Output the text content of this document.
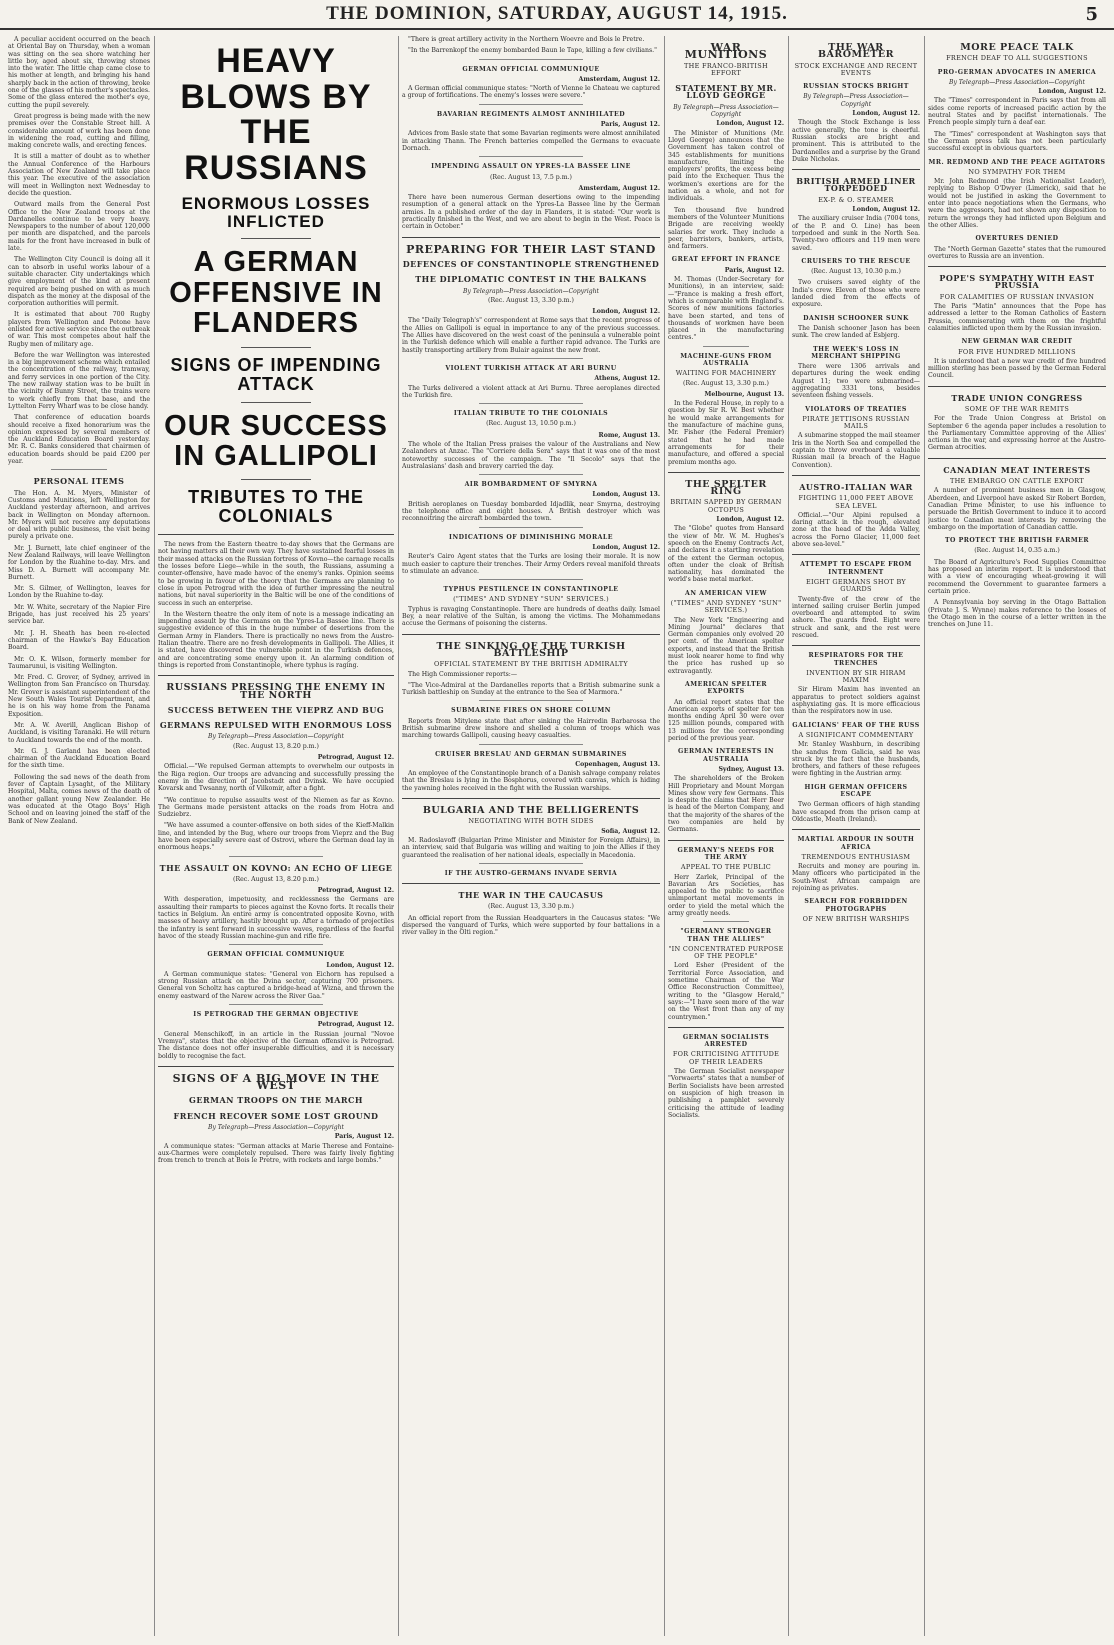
THE DOMINION, SATURDAY, AUGUST 14, 1915.	5

A peculiar accident occurred on the beach at Oriental Bay on Thursday, when a woman was sitting on the sea shore watching her little boy, aged about six, throwing stones into the water. The little chap came close to his mother at length, and bringing his hand sharply back in the action of throwing, broke one of the glasses of his mother's spectacles. Some of the glass entered the mother's eye, cutting the pupil severely.

Great progress is being made with the new premises over the Constable Street hill. A considerable amount of work has been done in widening the road, cutting and filling, making concrete walls, and erecting fences.

It is still a matter of doubt as to whether the Annual Conference of the Harbours Association of New Zealand will take place this year. The executive of the association will meet in Wellington next Wednesday to decide the question.

Outward mails from the General Post Office to the New Zealand troops at the Dardanelles continue to be very heavy. Newspapers to the number of about 120,000 per month are dispatched, and the parcels mails for the front have increased in bulk of late.

The Wellington City Council is doing all it can to absorb in useful works labour of a suitable character. City undertakings which give employment of the kind at present required are being pushed on with as much dispatch as the money at the disposal of the corporation authorities will permit.

It is estimated that about 700 Rugby players from Wellington and Petone have enlisted for active service since the outbreak of war. This most competes about half the Rugby men of military age.

Before the war Wellington was interested in a big improvement scheme which entailed the concentration of the railway, tramway, and ferry services in one portion of the City. The new railway station was to be built in the vicinity of Bunny Street, the trains were to work chiefly from that base, and the Lyttelton Ferry Wharf was to be close handy.

That conference of education boards should receive a fixed honorarium was the opinion expressed by several members of the Auckland Education Board yesterday. Mr. R. C. Banks considered that chairmen of education boards should be paid £200 per year.

PERSONAL ITEMS

The Hon. A. M. Myers, Minister of Customs and Munitions, left Wellington for Auckland yesterday afternoon, and arrives back in Wellington on Monday afternoon. Mr. Myers will not receive any deputations or deal with public business, the visit being purely a private one.

Mr. J. Burnett, late chief engineer of the New Zealand Railways, will leave Wellington for London by the Ruahine to-day. Mrs. and Miss D. A. Burnett will accompany Mr. Burnett.

Mr. S. Gilmer, of Wellington, leaves for London by the Ruahine to-day.

Mr. W. White, secretary of the Napier Fire Brigade, has just received his 25 years' service bar.

Mr. J. H. Sheath has been re-elected chairman of the Hawke's Bay Education Board.

Mr. O. K. Wilson, formerly member for Taumarunui, is visiting Wellington.

Mr. Fred. C. Grover, of Sydney, arrived in Wellington from San Francisco on Thursday. Mr. Grover is assistant superintendent of the New South Wales Tourist Department, and he is on his way home from the Panama Exposition.

Mr. A. W. Averill, Anglican Bishop of Auckland, is visiting Taranaki. He will return to Auckland towards the end of the month.

Mr. G. J. Garland has been elected chairman of the Auckland Education Board for the sixth time.

Following the sad news of the death from fever of Captain Lysaght, of the Military Hospital, Malta, comes news of the death of another gallant young New Zealander. He was educated at the Otago Boys' High School and on leaving joined the staff of the Bank of New Zealand.

HEAVY BLOWS BY THE RUSSIANS
ENORMOUS LOSSES INFLICTED
A GERMAN OFFENSIVE IN FLANDERS
SIGNS OF IMPENDING ATTACK
OUR SUCCESS IN GALLIPOLI
TRIBUTES TO THE COLONIALS

The news from the Eastern theatre to-day shows that the Germans are not having matters all their own way. They have sustained fearful losses in their massed attacks on the Russian fortress of Kovno—the carnage recalls the losses before Liege—while in the south, the Russians, assuming a counter-offensive, have made havoc of the enemy's ranks. Opinion seems to be growing in favour of the theory that the Germans are planning to close in upon Petrograd with the idea of further impressing the neutral nations, but naval superiority in the Baltic will be one of the conditions of success in such an enterprise.

In the Western theatre the only item of note is a message indicating an impending assault by the Germans on the Ypres-La Bassee line. There is suggestive evidence of this in the huge number of desertions from the German Army in Flanders. There is practically no news from the Austro-Italian theatre. There are no fresh developments in Gallipoli. The Allies, it is stated, have discovered the vulnerable point in the Turkish defences, and are concentrating some energy upon it. An alarming condition of things is reported from Constantinople, where typhus is raging.

RUSSIANS PRESSING THE ENEMY IN THE NORTH
SUCCESS BETWEEN THE VIEPRZ AND BUG
GERMANS REPULSED WITH ENORMOUS LOSS
By Telegraph—Press Association—Copyright
(Rec. August 13, 8.20 p.m.)
Petrograd, August 12.

Official.—"We repulsed German attempts to overwhelm our outposts in the Riga region. Our troops are advancing and successfully pressing the enemy in the direction of Jacobstadt and Dvinsk. We have occupied Kovarsk and Twsanny, north of Vilkomir, after a fight.

"We continue to repulse assaults west of the Niemen as far as Kovno. The Germans made persistent attacks on the roads from Hotra and Sudziebrz.

"We have assumed a counter-offensive on both sides of the Kieff-Malkin line, and intended by the Bug, where our troops from Vieprz and the Bug have been especially severe east of Ostrovi, where the German dead lay in enormous heaps."

THE ASSAULT ON KOVNO: AN ECHO OF LIEGE
(Rec. August 13, 8.20 p.m.)
Petrograd, August 12.

With desperation, impetuosity, and recklessness the Germans are assaulting their ramparts to pieces against the Kovno forts. It recalls their tactics in Belgium. An entire army is concentrated opposite Kovno, with masses of heavy artillery, hastily brought up. After a tornado of projectiles the infantry is sent forward in successive waves, regardless of the fearful havoc of the steady Russian machine-gun and rifle fire.

GERMAN OFFICIAL COMMUNIQUE
London, August 12.

A German communique states: "General von Eichorn has repulsed a strong Russian attack on the Dvina sector, capturing 700 prisoners. General von Scholtz has captured a bridge-head at Wizna, and thrown the enemy eastward of the Narew across the River Gaa."

IS PETROGRAD THE GERMAN OBJECTIVE
Petrograd, August 12.

General Menschikoff, in an article in the Russian journal "Novoe Vremya", states that the objective of the German offensive is Petrograd. The distance does not offer insuperable difficulties, and it is necessary boldly to recognise the fact.

SIGNS OF A BIG MOVE IN THE WEST
GERMAN TROOPS ON THE MARCH
FRENCH RECOVER SOME LOST GROUND
By Telegraph—Press Association—Copyright
Paris, August 12.

A communique states: "German attacks at Marie Therese and Fontaine-aux-Charmes were completely repulsed. There was fairly lively fighting from trench to trench at Bois le Pretre, with rockets and large bombs."

"There is great artillery activity in the Northern Woevre and Bois le Pretre.

"In the Barrenkopf the enemy bombarded Baun le Tape, killing a few civilians."

GERMAN OFFICIAL COMMUNIQUE
Amsterdam, August 12.

A German official communique states: "North of Vienne le Chateau we captured a group of fortifications. The enemy's losses were severe."

BAVARIAN REGIMENTS ALMOST ANNIHILATED
Paris, August 12.

Advices from Basle state that some Bavarian regiments were almost annihilated in attacking Thann. The French batteries compelled the Germans to evacuate Dornach.

IMPENDING ASSAULT ON YPRES-LA BASSEE LINE
(Rec. August 13, 7.5 p.m.)
Amsterdam, August 12.

There have been numerous German desertions owing to the impending resumption of a general attack on the Ypres-La Bassee line by the German armies. In a published order of the day in Flanders, it is stated: "Our work is practically finished in the West, and we are about to begin in the West. Peace is certain in October."

PREPARING FOR THEIR LAST STAND
DEFENCES OF CONSTANTINOPLE STRENGTHENED
THE DIPLOMATIC CONTEST IN THE BALKANS
By Telegraph—Press Association—Copyright
(Rec. August 13, 3.30 p.m.)
London, August 12.

The "Daily Telegraph's" correspondent at Rome says that the recent progress of the Allies on Gallipoli is equal in importance to any of the previous successes. The Allies have discovered on the west coast of the peninsula a vulnerable point in the Turkish defence which will enable a further rapid advance. The Turks are hastily transporting artillery from Bulair against the new front.

VIOLENT TURKISH ATTACK AT ARI BURNU
Athens, August 12.

The Turks delivered a violent attack at Ari Burnu. Three aeroplanes directed the Turkish fire.

ITALIAN TRIBUTE TO THE COLONIALS
(Rec. August 13, 10.50 p.m.)
Rome, August 13.

The whole of the Italian Press praises the valour of the Australians and New Zealanders at Anzac. The "Corriere della Sera" says that it was one of the most noteworthy successes of the campaign. The "Il Secolo" says that the Australasians' dash and bravery carried the day.

AIR BOMBARDMENT OF SMYRNA
London, August 13.

British aeroplanes on Tuesday bombarded Idjadlik, near Smyrna, destroying the telephone office and eight houses. A British destroyer which was reconnoitring the aircraft bombarded the town.

INDICATIONS OF DIMINISHING MORALE
London, August 12.

Reuter's Cairo Agent states that the Turks are losing their morale. It is now much easier to capture their trenches. Their Army Orders reveal manifold threats to stimulate an advance.

TYPHUS PESTILENCE IN CONSTANTINOPLE
("TIMES" AND SYDNEY "SUN" SERVICES.)

Typhus is ravaging Constantinople. There are hundreds of deaths daily. Ismael Bey, a near relative of the Sultan, is among the victims. The Mohammedans accuse the Germans of poisoning the cisterns.

THE SINKING OF THE TURKISH BATTLESHIP
OFFICIAL STATEMENT BY THE BRITISH ADMIRALTY

The High Commissioner reports:—

"The Vice-Admiral at the Dardanelles reports that a British submarine sunk a Turkish battleship on Sunday at the entrance to the Sea of Marmora."

SUBMARINE FIRES ON SHORE COLUMN

Reports from Mitylene state that after sinking the Hairredin Barbarossa the British submarine drew inshore and shelled a column of troops which was marching towards Gallipoli, causing heavy casualties.

CRUISER BRESLAU AND GERMAN SUBMARINES
Copenhagen, August 13.

An employee of the Constantinople branch of a Danish salvage company relates that the Breslau is lying in the Bosphorus, covered with canvas, which is hiding the yawning holes received in the fight with the Russian warships.

BULGARIA AND THE BELLIGERENTS
NEGOTIATING WITH BOTH SIDES
Sofia, August 12.

M. Radoslavoff (Bulgarian Prime Minister and Minister for Foreign Affairs), in an interview, said that Bulgaria was willing and waiting to join the Allies if they guaranteed the realisation of her national ideals, especially in Macedonia.

IF THE AUSTRO-GERMANS INVADE SERVIA
THE WAR IN THE CAUCASUS
(Rec. August 13, 3.30 p.m.)

An official report from the Russian Headquarters in the Caucasus states: "We dispersed the vanguard of Turks, which were supported by four battalions in a river valley in the Olti region."

WAR MUNITIONS
THE FRANCO-BRITISH EFFORT
STATEMENT BY MR. LLOYD GEORGE
By Telegraph—Press Association—Copyright
London, August 12.

The Minister of Munitions (Mr. Lloyd George) announces that the Government has taken control of 345 establishments for munitions manufacture, limiting the employers' profits, the excess being paid into the Exchequer. Thus the workmen's exertions are for the nation as a whole, and not for individuals.

Ten thousand five hundred members of the Volunteer Munitions Brigade are receiving weekly salaries for work. They include a peer, barristers, bankers, artists, and farmers.

GREAT EFFORT IN FRANCE
Paris, August 12.

M. Thomas (Under-Secretary for Munitions), in an interview, said:—"France is making a fresh effort, which is comparable with England's. Scores of new munitions factories have been started, and tens of thousands of workmen have been placed in the manufacturing centres."

MACHINE-GUNS FROM AUSTRALIA
WAITING FOR MACHINERY
(Rec. August 13, 3.30 p.m.)
Melbourne, August 13.

In the Federal House, in reply to a question by Sir R. W. Best whether he would make arrangements for the manufacture of machine guns, Mr. Fisher (the Federal Premier) stated that he had made arrangements for their manufacture, and offered a special premium months ago.

THE SPELTER RING
BRITAIN SAPPED BY GERMAN OCTOPUS
London, August 12.

The "Globe" quotes from Hansard the view of Mr. W. M. Hughes's speech on the Enemy Contracts Act, and declares it a startling revelation of the extent the German octopus, often under the cloak of British nationality, has dominated the world's base metal market.

AN AMERICAN VIEW
("TIMES" AND SYDNEY "SUN" SERVICES.)

The New York "Engineering and Mining Journal" declares that German companies only evolved 20 per cent. of the American spelter exports, and instead that the British must look nearer home to find why the price has rushed up so extravagantly.

AMERICAN SPELTER EXPORTS

An official report states that the American exports of spelter for ten months ending April 30 were over 125 million pounds, compared with 13 millions for the corresponding period of the previous year.

GERMAN INTERESTS IN AUSTRALIA
Sydney, August 13.

The shareholders of the Broken Hill Proprietary and Mount Morgan Mines show very few Germans. This is despite the claims that Herr Beer is head of the Merton Company, and that the majority of the shares of the two companies are held by Germans.

GERMANY'S NEEDS FOR THE ARMY
APPEAL TO THE PUBLIC

Herr Zarlek, Principal of the Bavarian Ars Societies, has appealed to the public to sacrifice unimportant metal movements in order to yield the metal which the army greatly needs.

"GERMANY STRONGER THAN THE ALLIES"
"IN CONCENTRATED PURPOSE OF THE PEOPLE"

Lord Esher (President of the Territorial Force Association, and sometime Chairman of the War Office Reconstruction Committee), writing to the "Glasgow Herald," says:—"I have seen more of the war on the West front than any of my countrymen."

GERMAN SOCIALISTS ARRESTED
FOR CRITICISING ATTITUDE OF THEIR LEADERS

The German Socialist newspaper "Vorwaerts" states that a number of Berlin Socialists have been arrested on suspicion of high treason in publishing a pamphlet severely criticising the attitude of leading Socialists.

THE WAR BAROMETER
STOCK EXCHANGE AND RECENT EVENTS
RUSSIAN STOCKS BRIGHT
By Telegraph—Press Association—Copyright
London, August 12.

Though the Stock Exchange is less active generally, the tone is cheerful. Russian stocks are bright and prominent. This is attributed to the Dardanelles and a surprise by the Grand Duke Nicholas.

BRITISH ARMED LINER TORPEDOED
EX-P. & O. STEAMER
London, August 12.

The auxiliary cruiser India (7004 tons, of the P. and O. Line) has been torpedoed and sunk in the North Sea. Twenty-two officers and 119 men were saved.

CRUISERS TO THE RESCUE
(Rec. August 13, 10.30 p.m.)

Two cruisers saved eighty of the India's crew. Eleven of those who were landed died from the effects of exposure.

DANISH SCHOONER SUNK

The Danish schooner Jason has been sunk. The crew landed at Esbjerg.

THE WEEK'S LOSS IN MERCHANT SHIPPING

There were 1306 arrivals and departures during the week ending August 11; two were submarined—aggregating 3331 tons, besides seventeen fishing vessels.

VIOLATORS OF TREATIES
PIRATE JETTISONS RUSSIAN MAILS

A submarine stopped the mail steamer Iris in the North Sea and compelled the captain to throw overboard a valuable Russian mail (a breach of the Hague Convention).

AUSTRO-ITALIAN WAR
FIGHTING 11,000 FEET ABOVE SEA LEVEL

Official.—"Our Alpini repulsed a daring attack in the rough, elevated zone at the head of the Adda Valley, across the Forno Glacier, 11,000 feet above sea-level."

ATTEMPT TO ESCAPE FROM INTERNMENT
EIGHT GERMANS SHOT BY GUARDS

Twenty-five of the crew of the interned sailing cruiser Berlin jumped overboard and attempted to swim ashore. The guards fired. Eight were struck and sank, and the rest were rescued.

RESPIRATORS FOR THE TRENCHES
INVENTION BY SIR HIRAM MAXIM

Sir Hiram Maxim has invented an apparatus to protect soldiers against asphyxiating gas. It is more efficacious than the respirators now in use.

GALICIANS' FEAR OF THE RUSS
A SIGNIFICANT COMMENTARY

Mr. Stanley Washburn, in describing the sandus from Galicia, said he was struck by the fact that the husbands, brothers, and fathers of these refugees were fighting in the Austrian army.

HIGH GERMAN OFFICERS ESCAPE

Two German officers of high standing have escaped from the prison camp at Oldcastle, Meath (Ireland).

MARTIAL ARDOUR IN SOUTH AFRICA
TREMENDOUS ENTHUSIASM

Recruits and money are pouring in. Many officers who participated in the South-West African campaign are rejoining as privates.

SEARCH FOR FORBIDDEN PHOTOGRAPHS
OF NEW BRITISH WARSHIPS
MORE PEACE TALK
FRENCH DEAF TO ALL SUGGESTIONS
PRO-GERMAN ADVOCATES IN AMERICA
By Telegraph—Press Association—Copyright
London, August 12.

The "Times" correspondent in Paris says that from all sides come reports of increased pacific action by the neutral States and by pacifist internationals. The French people simply turn a deaf ear.

The "Times" correspondent at Washington says that the German press talk has not been particularly successful except in obvious quarters.

MR. REDMOND AND THE PEACE AGITATORS
NO SYMPATHY FOR THEM

Mr. John Redmond (the Irish Nationalist Leader), replying to Bishop O'Dwyer (Limerick), said that he would not be justified in asking the Government to enter into peace negotiations when the Germans, who were the aggressors, had not shown any disposition to return the wrongs they had inflicted upon Belgium and the other Allies.

OVERTURES DENIED

The "North German Gazette" states that the rumoured overtures to Russia are an invention.

POPE'S SYMPATHY WITH EAST PRUSSIA
FOR CALAMITIES OF RUSSIAN INVASION

The Paris "Matin" announces that the Pope has addressed a letter to the Roman Catholics of Eastern Prussia, commiserating with them on the frightful calamities inflicted upon them by the Russian invasion.

NEW GERMAN WAR CREDIT
FOR FIVE HUNDRED MILLIONS

It is understood that a new war credit of five hundred million sterling has been passed by the German Federal Council.

TRADE UNION CONGRESS
SOME OF THE WAR REMITS

For the Trade Union Congress at Bristol on September 6 the agenda paper includes a resolution to the Parliamentary Committee approving of the Allies' actions in the war, and expressing horror at the Austro-German atrocities.

CANADIAN MEAT INTERESTS
THE EMBARGO ON CATTLE EXPORT

A number of prominent business men in Glasgow, Aberdeen, and Liverpool have asked Sir Robert Borden, Canadian Prime Minister, to use his influence to persuade the British Government to induce it to accord justice to Canadian meat interests by removing the embargo on the importation of Canadian cattle.

TO PROTECT THE BRITISH FARMER
(Rec. August 14, 0.35 a.m.)

The Board of Agriculture's Food Supplies Committee has proposed an interim report. It is understood that with a view of encouraging wheat-growing it will recommend the Government to guarantee farmers a certain price.

A Pennsylvania boy serving in the Otago Battalion (Private J. S. Wynne) makes reference to the losses of the Otago men in the course of a letter written in the trenches on June 11.
